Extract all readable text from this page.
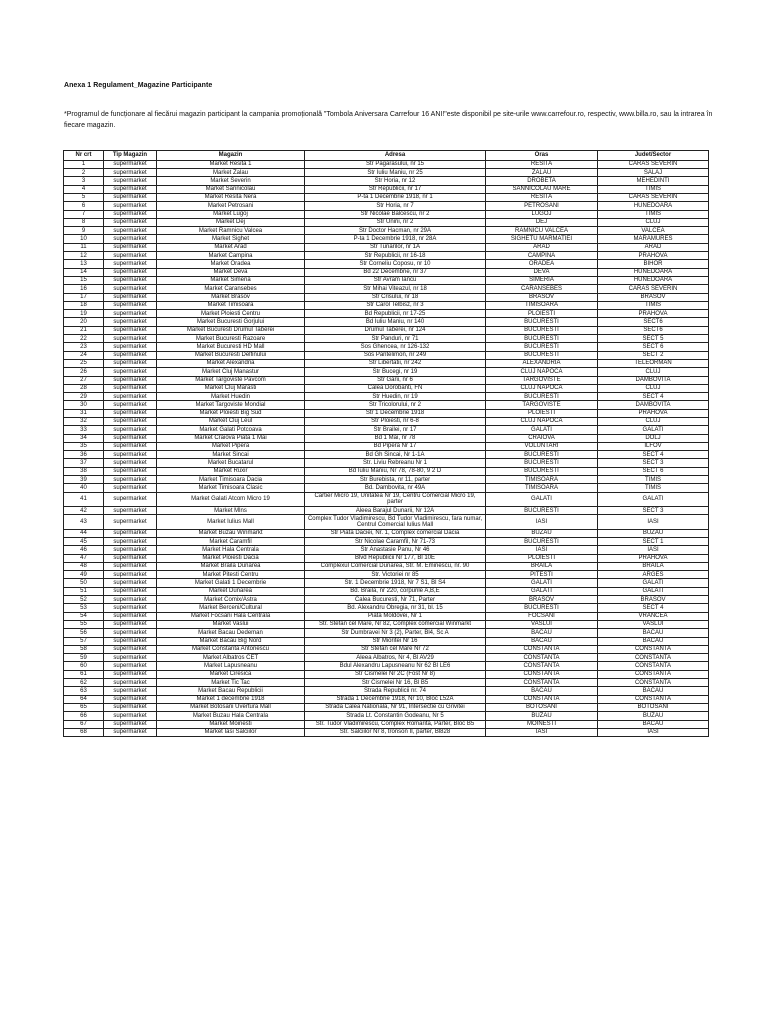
Anexa 1 Regulament_Magazine Participante
*Programul de funcționare al fiecărui magazin participant la campania promoțională "Tombola Aniversara Carrefour 16 ANI!"este disponibil pe site-urile www.carrefour.ro, respectiv, www.billa.ro, sau la intrarea în fiecare magazin.
Nr crt	Tip Magazin	Magazin	Adresa	Oras	Judet/Sector
1	supermarket	Market Resita 1	Str Pagarasului, nr 15	RESITA	CARAS SEVERIN
2	supermarket	Market Zalau	Str Iuliu Maniu, nr 25	ZALAU	SALAJ
3	supermarket	Market Severin	Str Horia, nr 12	DROBETA	MEHEDINTI
4	supermarket	Market Sannicolau	Str Republicii, nr 17	SANNICOLAU MARE	TIMIS
5	supermarket	Market Resita Nera	P-ta 1 Decembrie 1918, nr 1	RESITA	CARAS SEVERIN
6	supermarket	Market Petrosani	Str Horia, nr 7	PETROSANI	HUNEDOARA
7	supermarket	Market Lugoj	Str Nicolae Balcescu, nr 2	LUGOJ	TIMIS
8	supermarket	Market Dej	Str Unirii, nr 2	DEJ	CLUJ
9	supermarket	Market Ramnicu Valcea	Str Doctor Hacman, nr 29A	RAMNICU VALCEA	VALCEA
10	supermarket	Market Sighet	P-ta 1 Decembrie 1918, nr 28A	SIGHETU MARMATIEI	MARAMURES
11	supermarket	Market Arad	Str Tunarilor, nr 1A	ARAD	ARAD
12	supermarket	Market Campina	Str Republicii, nr 16-18	CAMPINA	PRAHOVA
13	supermarket	Market Oradea	Str Corneliu Coposu, nr 10	ORADEA	BIHOR
14	supermarket	Market Deva	Bd 22 Decembrie, nr 37	DEVA	HUNEDOARA
15	supermarket	Market Simeria	Str Avram Iancu	SIMERIA	HUNEDOARA
16	supermarket	Market Caransebes	Str Mihai Viteazul, nr 18	CARANSEBES	CARAS SEVERIN
17	supermarket	Market Brasov	Str Crisului, nr 18	BRASOV	BRASOV
18	supermarket	Market Timisoara	Str Carol Telbisz, nr 3	TIMISOARA	TIMIS
19	supermarket	Market Ploiesti Centru	Bd Republicii, nr 17-25	PLOIESTI	PRAHOVA
20	supermarket	Market Bucuresti Gorjului	Bd Iuliu Maniu, nr 140	BUCURESTI	SECT6
21	supermarket	Market Bucuresti Drumul Taberei	Drumul Taberei, nr 124	BUCURESTI	SECT6
22	supermarket	Market Bucuresti Razoare	Str Panduri, nr 71	BUCURESTI	SECT 5
23	supermarket	Market Bucuresti HD Mall	Sos Ghencea, nr 126-132	BUCURESTI	SECT 6
24	supermarket	Market Bucuresti Delfinului	Sos Pantelimon, nr 249	BUCURESTI	SECT 2
25	supermarket	Market Alexandria	Str Libertatii, nr 242	ALEXANDRIA	TELEORMAN
26	supermarket	Market Cluj Manastur	Str Bucegi, nr 19	CLUJ NAPOCA	CLUJ
27	supermarket	Market Targoviste Pavcom	Str Garii, nr 6	TARGOVISTE	DAMBOVITA
28	supermarket	Market Cluj Marasti	Calea Dorobanti, FN	CLUJ NAPOCA	CLUJ
29	supermarket	Market Huedin	Str Huedin, nr 19	BUCURESTI	SECT 4
30	supermarket	Market Targoviste Mondial	Str Tricolorului, nr 2	TARGOVISTE	DAMBOVITA
31	supermarket	Market Ploiesti Big Sud	Str 1 Decembrie 1918	PLOIESTI	PRAHOVA
32	supermarket	Market Cluj Leul	Str Ploiesti, nr 6-8	CLUJ NAPOCA	CLUJ
33	supermarket	Market Galati Potcoava	Str Brailei, nr 17	GALATI	GALATI
34	supermarket	Market Craiova Piata 1 Mai	Bd 1 Mai, nr 78	CRAIOVA	DOLJ
35	supermarket	Market Pipera	Bd Pipera Nr 17	VOLUNTARI	ILFOV
36	supermarket	Market Sincai	Bd Gh Sincai, Nr 1-1A	BUCURESTI	SECT 4
37	supermarket	Market Bucatarul	Str. Liviu Rebreanu Nr 1	BUCURESTI	SECT 3
38	supermarket	Market Ruxir	Bd Iuliu Maniu, Nr 78, 78-80, 9 2 D	BUCURESTI	SECT 6
39	supermarket	Market Timisoara Dacia	Str Burebista, nr 11, parter	TIMISOARA	TIMIS
40	supermarket	Market Timisoara Clasic	Bd. Dambovita, nr 49A	TIMISOARA	TIMIS
41	supermarket	Market Galati Atcom Micro 19	Cartier Micro 19, Unitatea Nr 19, Centru Comercial Micro 19, parter	GALATI	GALATI
42	supermarket	Market Mlns	Aleea Barajul Dunarii, Nr 12A	BUCURESTI	SECT 3
43	supermarket	Market Iulius Mall	Complex Tudor Vladimirescu, Bd Tudor Vladimirescu, fara numar, Centrul Comercial Iulius Mall	IASI	IASI
44	supermarket	Market Buzau Winmarkt	Str Piata Daciei, Nr. 1, Complex comercial Dacia	BUZAU	BUZAU
45	supermarket	Market Caramfil	Str Nicolae Caramfil, Nr 71-73	BUCURESTI	SECT 1
46	supermarket	Market Hala Centrala	Str Anastasie Panu, Nr 46	IASI	IASI
47	supermarket	Market Ploiesti Dacia	Blvd Republicii Nr 177, Bl 10E	PLOIESTI	PRAHOVA
48	supermarket	Market Braila Dunarea	Complexul Comercial Dunarea, Str. M. Eminescu, nr. 90	BRAILA	BRAILA
49	supermarket	Market Pitesti Centru	Str. Victoriei nr 85	PITESTI	ARGES
50	supermarket	Market Galati 1 Decembrie	Str. 1 Decembrie 1918, Nr 7 S1, Bl S4	GALATI	GALATI
51	supermarket	Market Dunarea	Bd. Braila, nr 220, corpurile A,B,E	GALATI	GALATI
52	supermarket	Market Comix/Astra	Calea Bucuresti, Nr 71, Parter	BRASOV	BRASOV
53	supermarket	Market Berceni/Cultural	Bd. Alexandru Obregia, nr 31, bl. 15	BUCURESTI	SECT 4
54	supermarket	Market Focsani Hala Centrala	Piata Moldovei, Nr 1	FOCSANI	VRANCEA
55	supermarket	Market Vaslui	Str. Stefan cel Mare, Nr 82, Complex comercial Winmarkt	VASLUI	VASLUI
56	supermarket	Market Bacau Dedeman	Str Dumbravei Nr 3 (2), Parter, Bl4, Sc A	BACAU	BACAU
57	supermarket	Market Bacau Big Nord	Str Mioritei Nr 16	BACAU	BACAU
58	supermarket	Market Constanta Antonescu	Str Stefan cel Mare Nr 72	CONSTANTA	CONSTANTA
59	supermarket	Market Albatros CET	Aleea Albatros, Nr 4, Bl AV29	CONSTANTA	CONSTANTA
60	supermarket	Market Lapusneanu	Bdul Alexandru Lapusneanu Nr 62 Bl LE6	CONSTANTA	CONSTANTA
61	supermarket	Market Ciresica	Str Cismelei Nr 2C (Fost Nr 8)	CONSTANTA	CONSTANTA
62	supermarket	Market Tic Tac	Str Cismelei Nr 16, Bl B5	CONSTANTA	CONSTANTA
63	supermarket	Market Bacau Republicii	Strada Republicii nr. 74	BACAU	BACAU
64	supermarket	Market 1 decembrie 1918	Strada 1 Decembrie 1918, Nr 10, Bloc L52A	CONSTANTA	CONSTANTA
65	supermarket	Market Botosani Uvertura Mall	Strada Calea Nationala, Nr 91, Intersectie cu Grivitei	BOTOSANI	BOTOSANI
66	supermarket	Market Buzau Hala Centrala	Strada Lt. Constantin Godeanu, Nr 5	BUZAU	BUZAU
67	supermarket	Market Moinesti	Str. Tudor Vladimirescu, Complex Romarita, Parter, Bloc B5	MOINESTI	BACAU
68	supermarket	Market Iasi Salciilor	Str. Salciilor Nr 8, tronson II, parter, Bl828	IASI	IASI
